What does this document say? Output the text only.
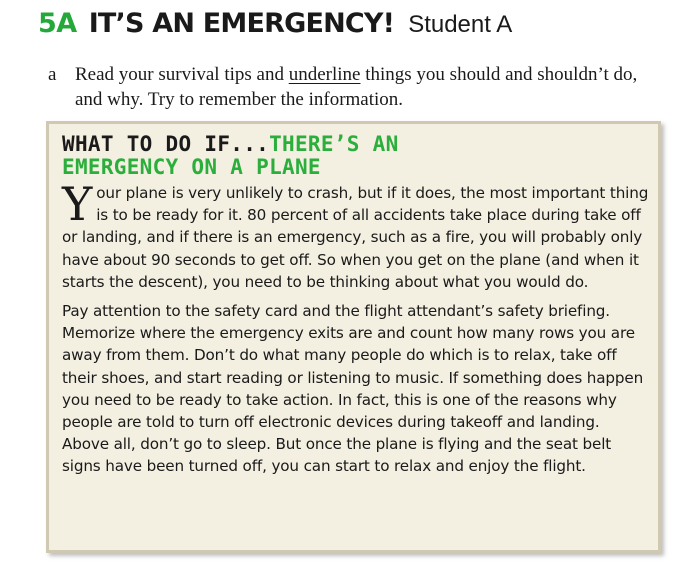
5A IT’S AN EMERGENCY! Student A
a Read your survival tips and underline things you should and shouldn’t do, and why. Try to remember the information.
WHAT TO DO IF...THERE’S AN
EMERGENCY ON A PLANE

Your plane is very unlikely to crash, but if it does, the most important thing is to be ready for it. 80 percent of all accidents take place during take off or landing, and if there is an emergency, such as a fire, you will probably only have about 90 seconds to get off. So when you get on the plane (and when it starts the descent), you need to be thinking about what you would do.

Pay attention to the safety card and the flight attendant’s safety briefing. Memorize where the emergency exits are and count how many rows you are away from them. Don’t do what many people do which is to relax, take off their shoes, and start reading or listening to music. If something does happen you need to be ready to take action. In fact, this is one of the reasons why people are told to turn off electronic devices during takeoff and landing. Above all, don’t go to sleep. But once the plane is flying and the seat belt signs have been turned off, you can start to relax and enjoy the flight.
